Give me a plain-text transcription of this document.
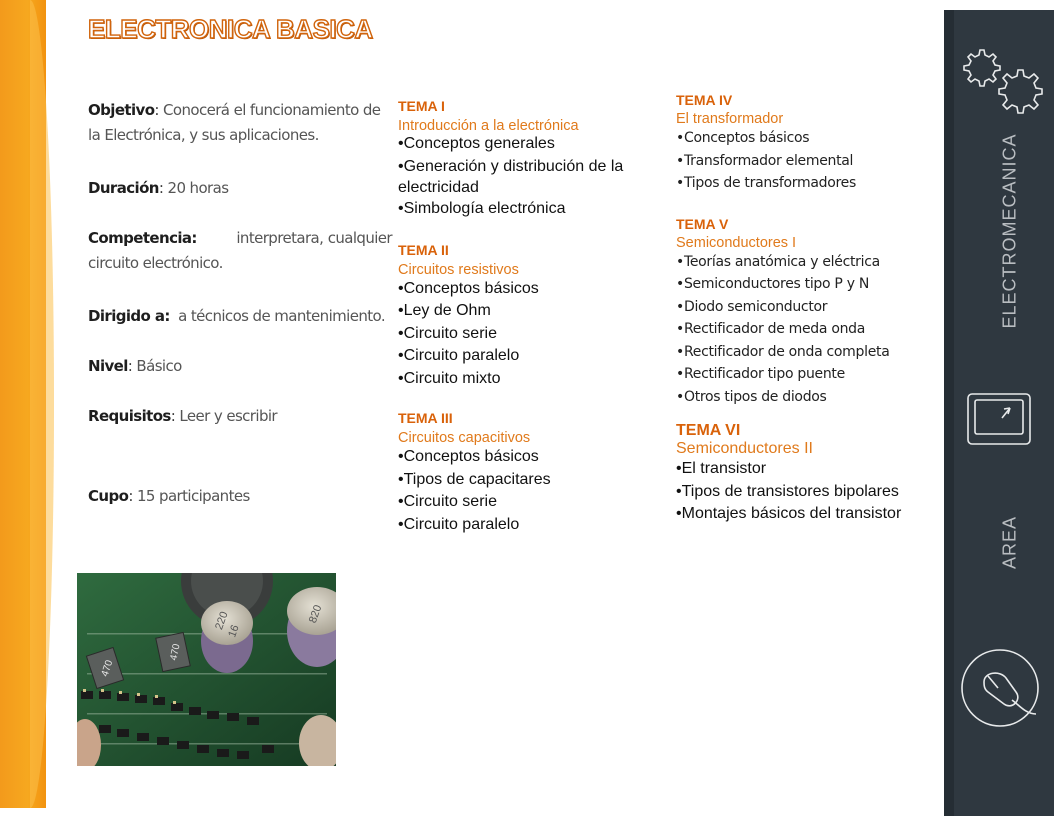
ELECTRONICA BASICA
Objetivo: Conocerá el funcionamiento de la Electrónica, y sus aplicaciones.
Duración: 20 horas
Competencia:	interpretara, cualquier circuito electrónico.
Dirigido a: a técnicos de mantenimiento.
Nivel: Básico
Requisitos: Leer y escribir
Cupo: 15 participantes
470
470
220
16
820
TEMA I
Introducción a la electrónica
• Conceptos generales
• Generación y distribución de la electricidad
• Simbología electrónica
TEMA II
Circuitos resistivos
• Conceptos básicos
• Ley de Ohm
• Circuito serie
• Circuito paralelo
• Circuito mixto
TEMA III
Circuitos capacitivos
• Conceptos básicos
• Tipos de capacitares
• Circuito serie
• Circuito paralelo
TEMA IV
El transformador
• Conceptos básicos
• Transformador elemental
• Tipos de transformadores
TEMA V
Semiconductores I
• Teorías anatómica y eléctrica
• Semiconductores tipo P y N
• Diodo semiconductor
• Rectificador de meda onda
• Rectificador de onda completa
• Rectificador tipo puente
• Otros tipos de diodos
TEMA VI
Semiconductores II
• El transistor
• Tipos de transistores bipolares
• Montajes básicos del transistor
ELECTROMECANICA
AREA
